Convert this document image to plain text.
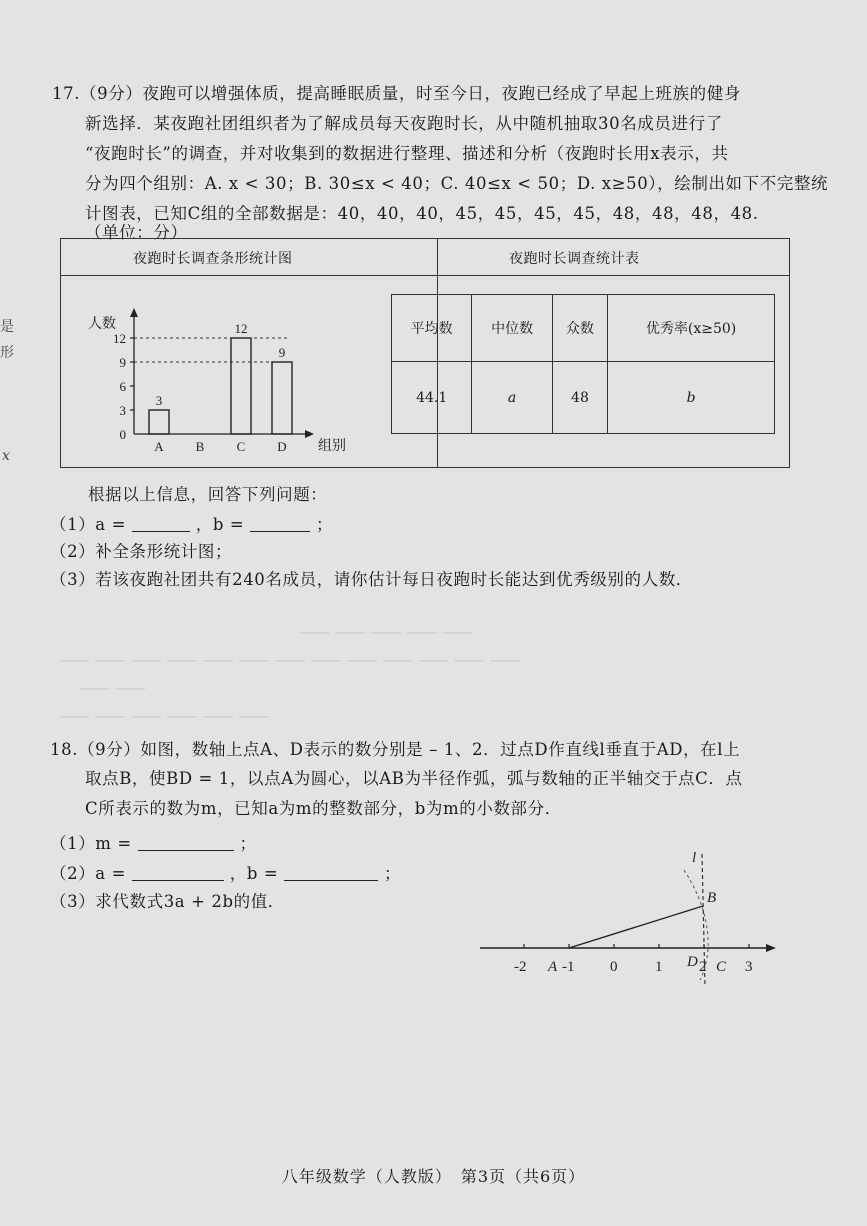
是
形
x
17.（9分）夜跑可以增强体质，提高睡眠质量，时至今日，夜跑已经成了早起上班族的健身
新选择．某夜跑社团组织者为了解成员每天夜跑时长，从中随机抽取30名成员进行了
“夜跑时长”的调查，并对收集到的数据进行整理、描述和分析（夜跑时长用x表示，共
分为四个组别：A. x < 30；B. 30≤x < 40；C. 40≤x < 50；D. x≥50），绘制出如下不完整统
计图表，已知C组的全部数据是：40，40，40，45，45，45，45，48，48，48，48.
（单位：分）
夜跑时长调查条形统计图	夜跑时长调查统计表
人数
组别
0
3
6
9
12
3
A B
12
C
9
D
平均数	中位数	众数	优秀率(x≥50)
44.1	a	48	b
根据以上信息，回答下列问题：
（1）a =	，b =	；
（2）补全条形统计图；
（3）若该夜跑社团共有240名成员，请你估计每日夜跑时长能达到优秀级别的人数．
─── ─── ─── ─── ───
─── ─── ─── ─── ─── ─── ─── ─── ─── ─── ─── ─── ───
─── ───
─── ─── ─── ─── ─── ───
18.（9分）如图，数轴上点A、D表示的数分别是 – 1、2．过点D作直线l垂直于AD，在l上
取点B，使BD = 1，以点A为圆心，以AB为半径作弧，弧与数轴的正半轴交于点C．点
C所表示的数为m，已知a为m的整数部分，b为m的小数部分．
（1）m =	；
（2）a =	，b =	；
（3）求代数式3a + 2b的值．
-2 -1 0	1 2	3
A	D C
B
l
八年级数学（人教版）　第3页（共6页）
